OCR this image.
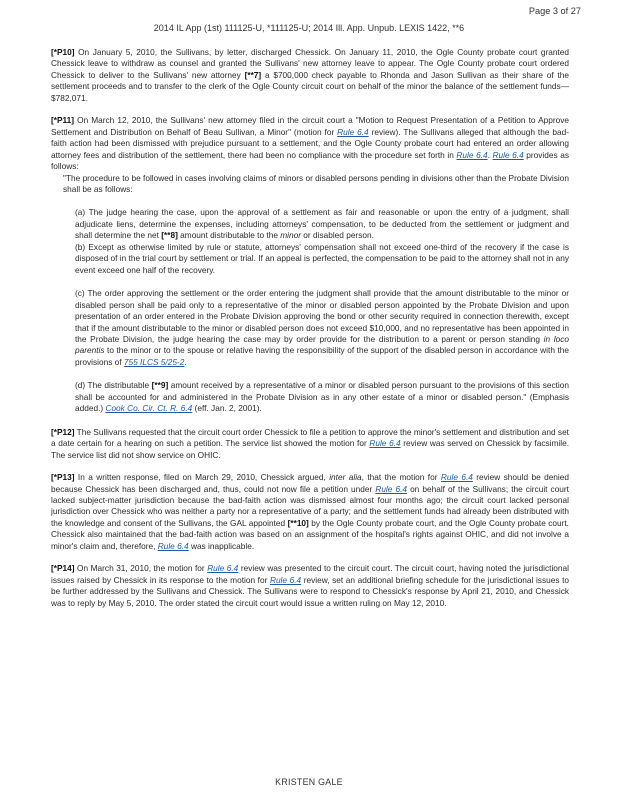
Page 3 of 27
2014 IL App (1st) 111125-U, *111125-U; 2014 Ill. App. Unpub. LEXIS 1422, **6

[*P10] On January 5, 2010, the Sullivans, by letter, discharged Chessick. On January 11, 2010, the Ogle County probate court granted Chessick leave to withdraw as counsel and granted the Sullivans' new attorney leave to appear. The Ogle County probate court ordered Chessick to deliver to the Sullivans' new attorney [**7] a $700,000 check payable to Rhonda and Jason Sullivan as their share of the settlement proceeds and to transfer to the clerk of the Ogle County circuit court on behalf of the minor the balance of the settlement funds—$782,071.

[*P11] On March 12, 2010, the Sullivans' new attorney filed in the circuit court a "Motion to Request Presentation of a Petition to Approve Settlement and Distribution on Behalf of Beau Sullivan, a Minor" (motion for Rule 6.4 review). The Sullivans alleged that although the bad-faith action had been dismissed with prejudice pursuant to a settlement, and the Ogle County probate court had entered an order allowing attorney fees and distribution of the settlement, there had been no compliance with the procedure set forth in Rule 6.4. Rule 6.4 provides as follows:

"The procedure to be followed in cases involving claims of minors or disabled persons pending in divisions other than the Probate Division shall be as follows:

(a) The judge hearing the case, upon the approval of a settlement as fair and reasonable or upon the entry of a judgment, shall adjudicate liens, determine the expenses, including attorneys' compensation, to be deducted from the settlement or judgment and shall determine the net [**8] amount distributable to the minor or disabled person.

(b) Except as otherwise limited by rule or statute, attorneys' compensation shall not exceed one-third of the recovery if the case is disposed of in the trial court by settlement or trial. If an appeal is perfected, the compensation to be paid to the attorney shall not in any event exceed one half of the recovery.

(c) The order approving the settlement or the order entering the judgment shall provide that the amount distributable to the minor or disabled person shall be paid only to a representative of the minor or disabled person appointed by the Probate Division and upon presentation of an order entered in the Probate Division approving the bond or other security required in connection therewith, except that if the amount distributable to the minor or disabled person does not exceed $10,000, and no representative has been appointed in the Probate Division, the judge hearing the case may by order provide for the distribution to a parent or person standing in loco parentis to the minor or to the spouse or relative having the responsibility of the support of the disabled person in accordance with the provisions of 755 ILCS 5/25-2.

(d) The distributable [**9] amount received by a representative of a minor or disabled person pursuant to the provisions of this section shall be accounted for and administered in the Probate Division as in any other estate of a minor or disabled person." (Emphasis added.) Cook Co. Cir. Ct. R. 6.4 (eff. Jan. 2, 2001).

[*P12] The Sullivans requested that the circuit court order Chessick to file a petition to approve the minor's settlement and distribution and set a date certain for a hearing on such a petition. The service list showed the motion for Rule 6.4 review was served on Chessick by facsimile. The service list did not show service on OHIC.

[*P13] In a written response, filed on March 29, 2010, Chessick argued, inter alia, that the motion for Rule 6.4 review should be denied because Chessick has been discharged and, thus, could not now file a petition under Rule 6.4 on behalf of the Sullivans; the circuit court lacked subject-matter jurisdiction because the bad-faith action was dismissed almost four months ago; the circuit court lacked personal jurisdiction over Chessick who was neither a party nor a representative of a party; and the settlement funds had already been distributed with the knowledge and consent of the Sullivans, the GAL appointed [**10] by the Ogle County probate court, and the Ogle County probate court. Chessick also maintained that the bad-faith action was based on an assignment of the hospital's rights against OHIC, and did not involve a minor's claim and, therefore, Rule 6.4 was inapplicable.

[*P14] On March 31, 2010, the motion for Rule 6.4 review was presented to the circuit court. The circuit court, having noted the jurisdictional issues raised by Chessick in its response to the motion for Rule 6.4 review, set an additional briefing schedule for the jurisdictional issues to be further addressed by the Sullivans and Chessick. The Sullivans were to respond to Chessick's response by April 21, 2010, and Chessick was to reply by May 5, 2010. The order stated the circuit court would issue a written ruling on May 12, 2010.

KRISTEN GALE
